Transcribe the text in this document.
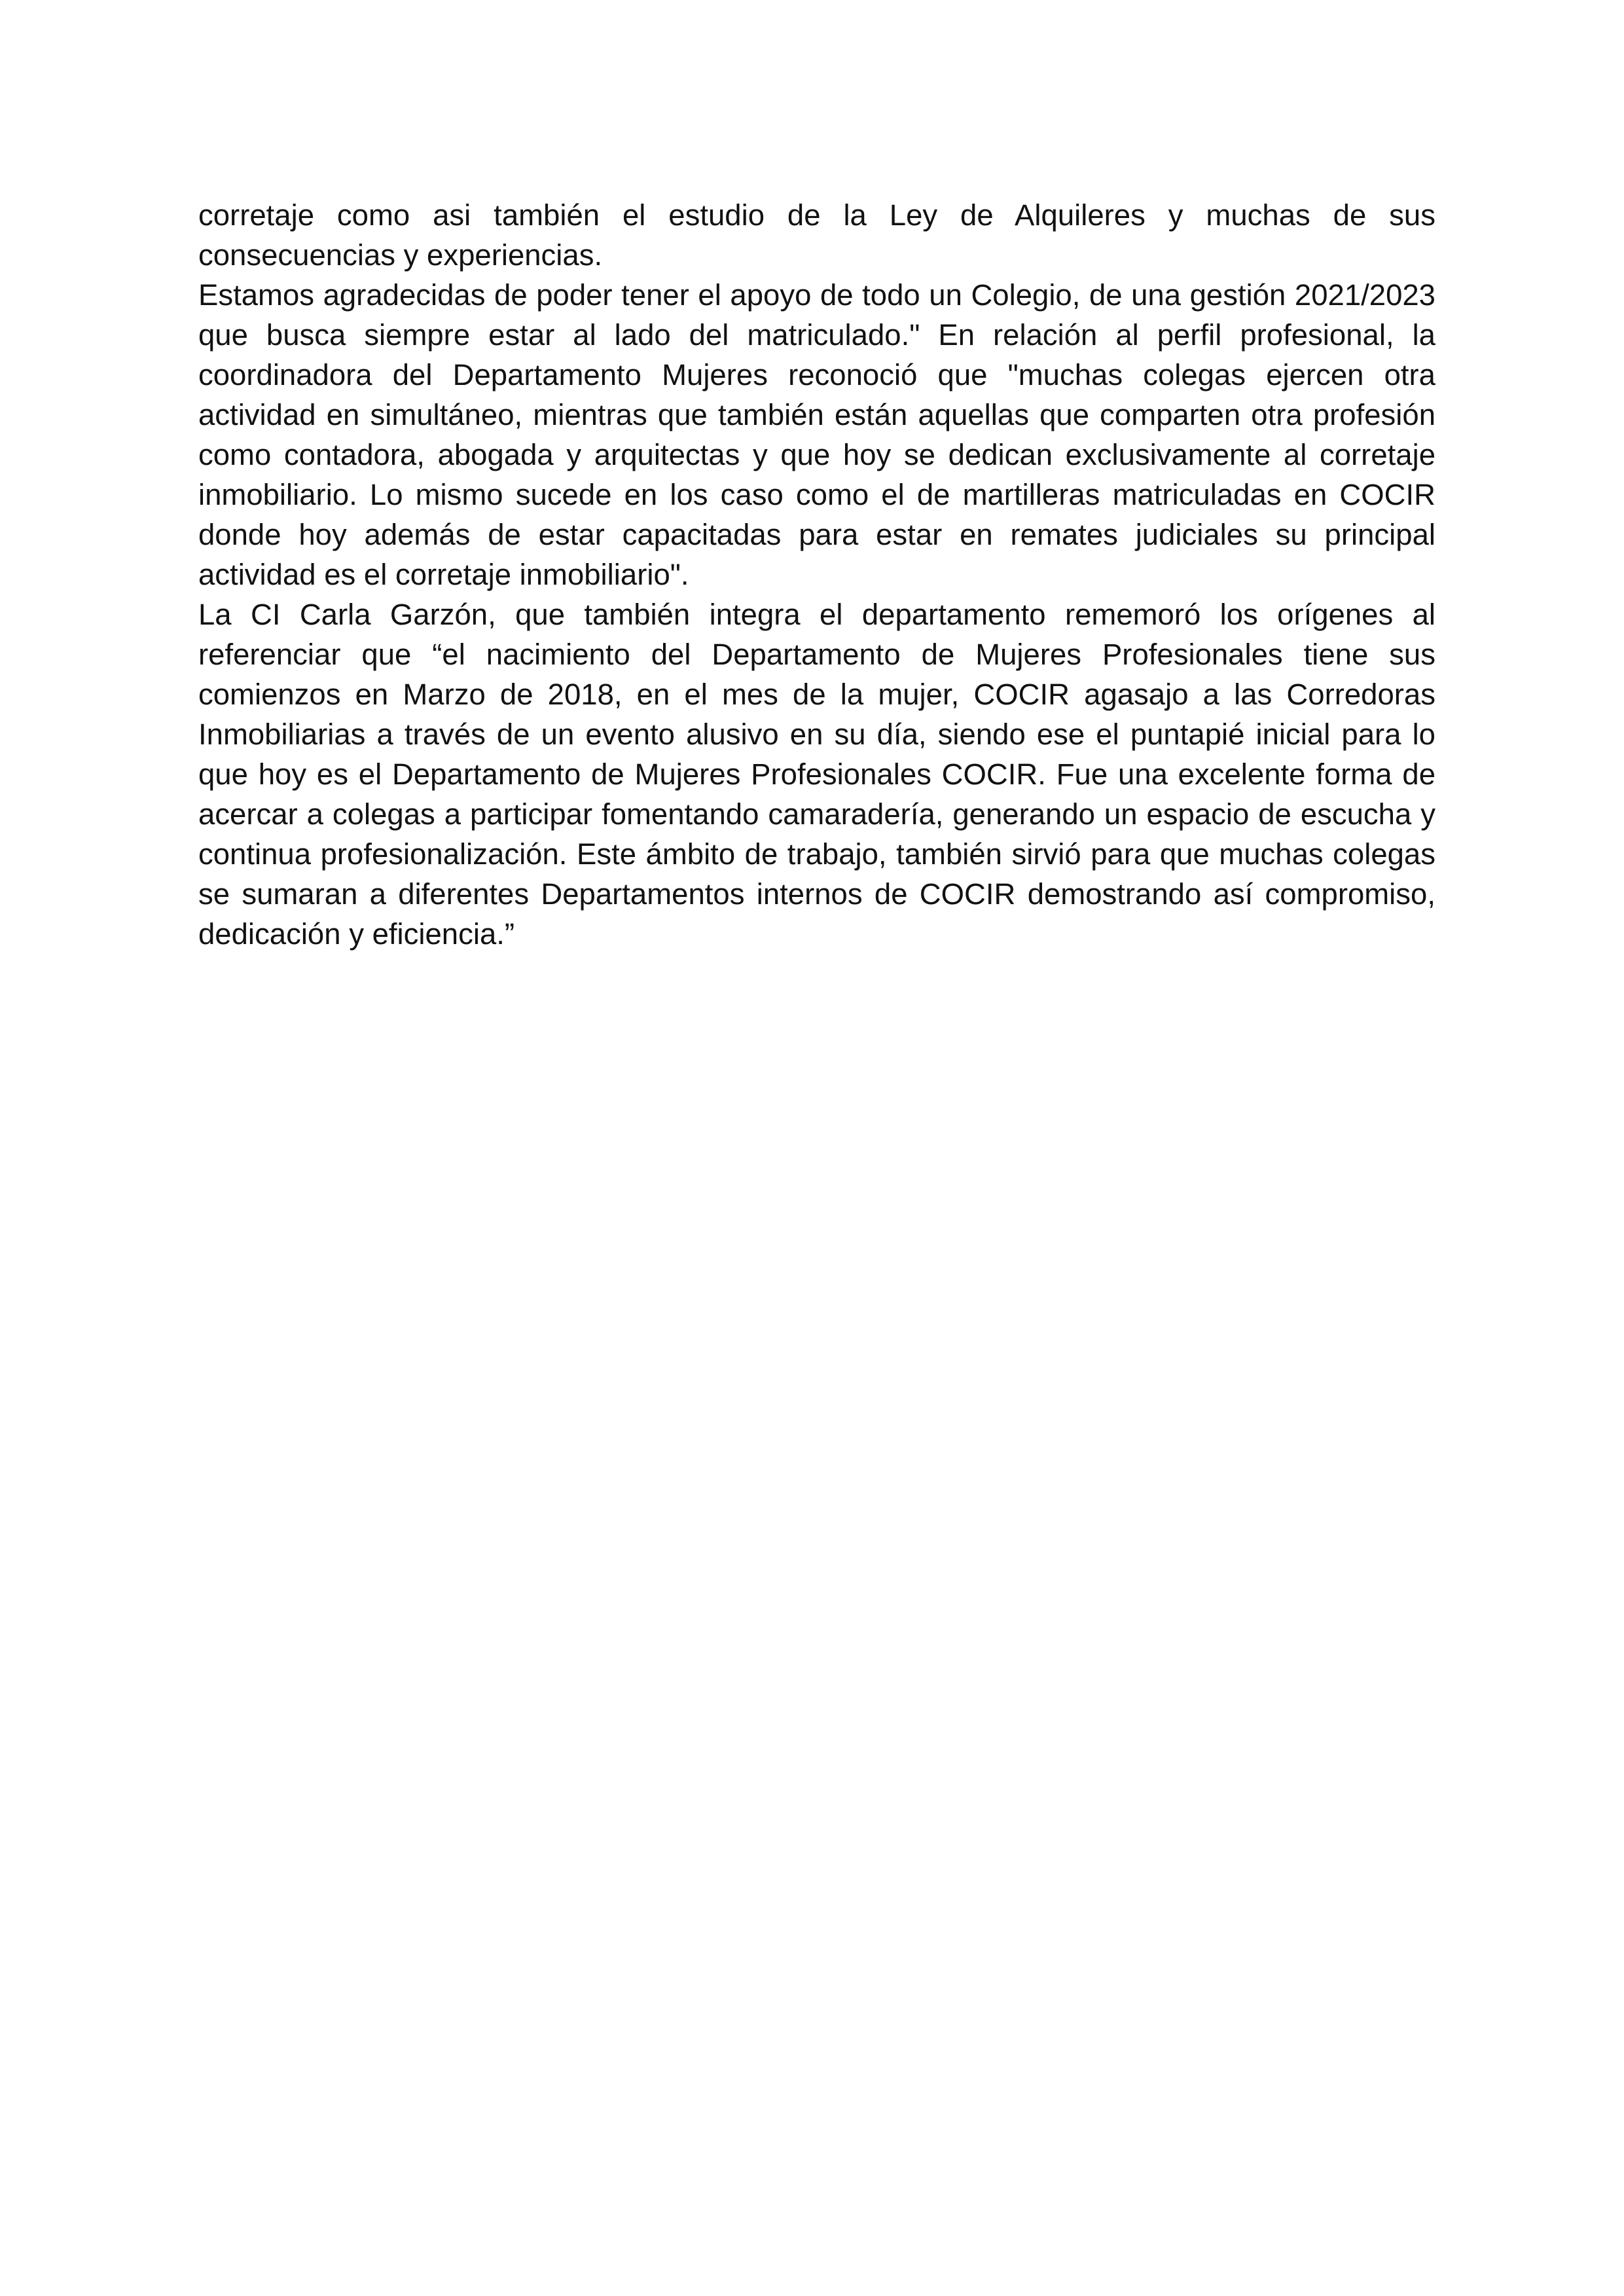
corretaje como asi también el estudio de la Ley de Alquileres y muchas de sus consecuencias y experiencias.

Estamos agradecidas de poder tener el apoyo de todo un Colegio, de una gestión 2021/2023 que busca siempre estar al lado del matriculado." En relación al perfil profesional, la coordinadora del Departamento Mujeres reconoció que "muchas colegas ejercen otra actividad en simultáneo, mientras que también están aquellas que comparten otra profesión como contadora, abogada y arquitectas y que hoy se dedican exclusivamente al corretaje inmobiliario. Lo mismo sucede en los caso como el de martilleras matriculadas en COCIR donde hoy además de estar capacitadas para estar en remates judiciales su principal actividad es el corretaje inmobiliario".

La CI Carla Garzón, que también integra el departamento rememoró los orígenes al referenciar que “el nacimiento del Departamento de Mujeres Profesionales tiene sus comienzos en Marzo de 2018, en el mes de la mujer, COCIR agasajo a las Corredoras Inmobiliarias a través de un evento alusivo en su día, siendo ese el puntapié inicial para lo que hoy es el Departamento de Mujeres Profesionales COCIR. Fue una excelente forma de acercar a colegas a participar fomentando camaradería, generando un espacio de escucha y continua profesionalización. Este ámbito de trabajo, también sirvió para que muchas colegas se sumaran a diferentes Departamentos internos de COCIR demostrando así compromiso, dedicación y eficiencia.”
